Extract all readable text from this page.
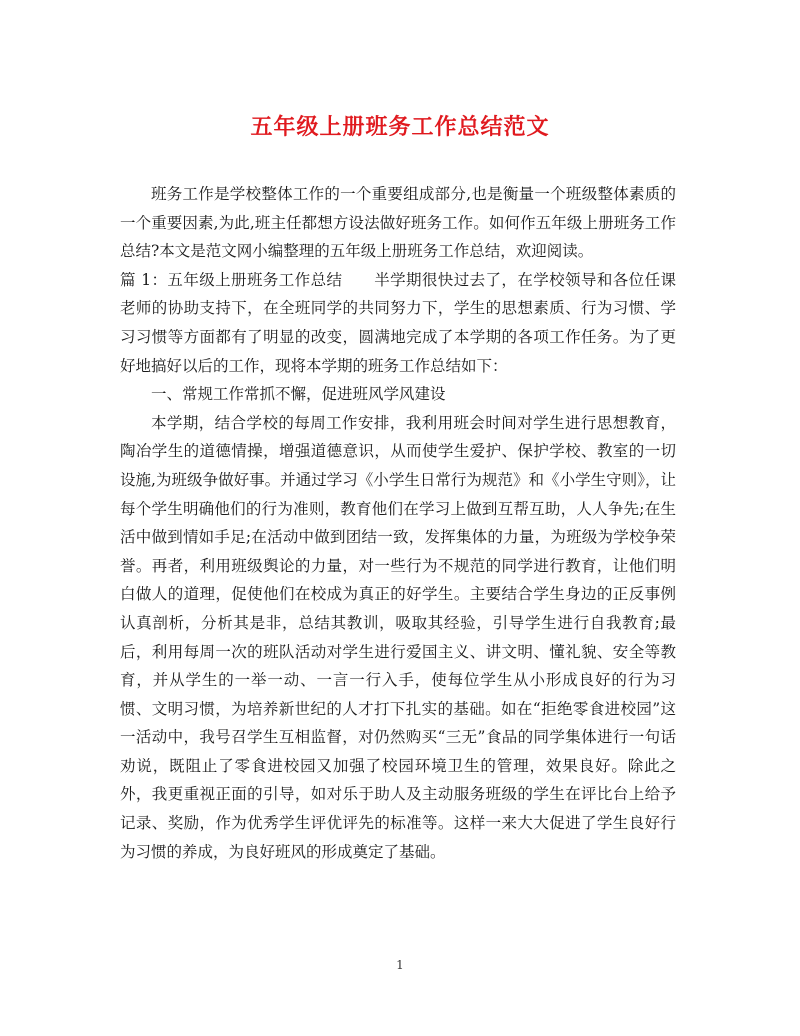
五年级上册班务工作总结范文

班务工作是学校整体工作的一个重要组成部分,也是衡量一个班级整体素质的一个重要因素,为此,班主任都想方设法做好班务工作。如何作五年级上册班务工作总结?本文是范文网小编整理的五年级上册班务工作总结，欢迎阅读。

篇 1：五年级上册班务工作总结　　半学期很快过去了，在学校领导和各位任课老师的协助支持下，在全班同学的共同努力下，学生的思想素质、行为习惯、学习习惯等方面都有了明显的改变，圆满地完成了本学期的各项工作任务。为了更好地搞好以后的工作，现将本学期的班务工作总结如下：

一、常规工作常抓不懈，促进班风学风建设

本学期，结合学校的每周工作安排，我利用班会时间对学生进行思想教育，陶冶学生的道德情操，增强道德意识，从而使学生爱护、保护学校、教室的一切设施,为班级争做好事。并通过学习《小学生日常行为规范》和《小学生守则》，让每个学生明确他们的行为准则，教育他们在学习上做到互帮互助，人人争先;在生活中做到情如手足;在活动中做到团结一致，发挥集体的力量，为班级为学校争荣誉。再者，利用班级舆论的力量，对一些行为不规范的同学进行教育，让他们明白做人的道理，促使他们在校成为真正的好学生。主要结合学生身边的正反事例认真剖析，分析其是非，总结其教训，吸取其经验，引导学生进行自我教育;最后，利用每周一次的班队活动对学生进行爱国主义、讲文明、懂礼貌、安全等教育，并从学生的一举一动、一言一行入手，使每位学生从小形成良好的行为习惯、文明习惯，为培养新世纪的人才打下扎实的基础。如在“拒绝零食进校园”这一活动中，我号召学生互相监督，对仍然购买“三无”食品的同学集体进行一句话劝说，既阻止了零食进校园又加强了校园环境卫生的管理，效果良好。除此之外，我更重视正面的引导，如对乐于助人及主动服务班级的学生在评比台上给予记录、奖励，作为优秀学生评优评先的标准等。这样一来大大促进了学生良好行为习惯的养成，为良好班风的形成奠定了基础。

1
